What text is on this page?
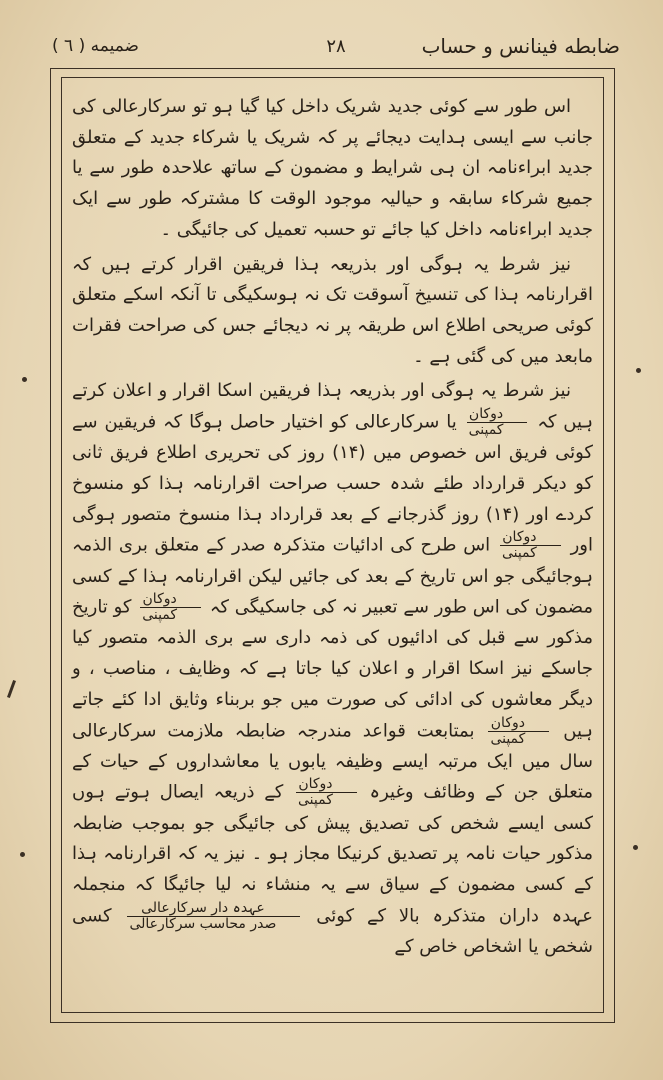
ضابطه فینانس و حساب
۲۸
ضمیمه ( ٦ )

اس طور سے کوئی جدید شریک داخل کیا گیا ہو تو سرکارعالی کی جانب سے ایسی ہدایت دیجائے پر کہ شریک یا شرکاء جدید کے متعلق جدید ابراءنامہ ان ہی شرایط و مضمون کے ساتھ علاحدہ طور سے یا جمیع شرکاء سابقہ و حیالیہ موجود الوقت کا مشترکہ طور سے ایک جدید ابراءنامہ داخل کیا جائے تو حسبہ تعمیل کی جائیگی ۔

نیز شرط یہ ہوگی اور بذریعہ ہذا فریقین اقرار کرتے ہیں کہ اقرارنامہ ہذا کی تنسیخ آسوقت تک نہ ہوسکیگی تا آنکہ اسکے متعلق کوئی صریحی اطلاع اس طریقہ پر نہ دیجائے جس کی صراحت فقرات مابعد میں کی گئی ہے ۔

نیز شرط یہ ہوگی اور بذریعہ ہذا فریقین اسکا اقرار و اعلان کرتے ہیں کہ
$\frac{\text{دوکان}}{\text{کمپنی}}$
یا سرکارعالی کو اختیار حاصل ہوگا کہ فریقین سے کوئی فریق اس خصوص میں (۱۴) روز کی تحریری اطلاع فریق ثانی کو دیکر قرارداد طئے شدہ حسب صراحت اقرارنامہ ہذا کو منسوخ کردے اور (۱۴) روز گذرجانے کے بعد قرارداد ہذا منسوخ متصور ہوگی اور
$\frac{\text{دوکان}}{\text{کمپنی}}$
اس طرح کی ادائیات متذکرہ صدر کے متعلق بری الذمہ ہوجائیگی جو اس تاریخ کے بعد کی جائیں لیکن اقرارنامہ ہذا کے کسی مضمون کی اس طور سے تعبیر نہ کی جاسکیگی کہ
$\frac{\text{دوکان}}{\text{کمپنی}}$
کو تاریخ مذکور سے قبل کی ادائیوں کی ذمہ داری سے بری الذمہ متصور کیا جاسکے نیز اسکا اقرار و اعلان کیا جاتا ہے کہ وظایف ، مناصب ، و دیگر معاشوں کی ادائی کی صورت میں جو بربناء وثایق ادا کئے جاتے ہیں
$\frac{\text{دوکان}}{\text{کمپنی}}$
بمتابعت قواعد مندرجہ ضابطہ ملازمت سرکارعالی سال میں ایک مرتبہ ایسے وظیفہ یابوں یا معاشداروں کے حیات کے متعلق جن کے وظائف وغیرہ
$\frac{\text{دوکان}}{\text{کمپنی}}$
کے ذریعہ ایصال ہوتے ہوں کسی ایسے شخص کی تصدیق پیش کی جائیگی جو بموجب ضابطہ مذکور حیات نامہ پر تصدیق کرنیکا مجاز ہو ۔ نیز یہ کہ اقرارنامہ ہذا کے کسی مضمون کے سیاق سے یہ منشاء نہ لیا جائیگا کہ منجملہ عہدہ داران متذکرہ بالا کے کوئی
$\frac{\text{عہدہ دار سرکارعالی}}{\text{صدر محاسب سرکارعالی}}$
کسی شخص یا اشخاص خاص کے
